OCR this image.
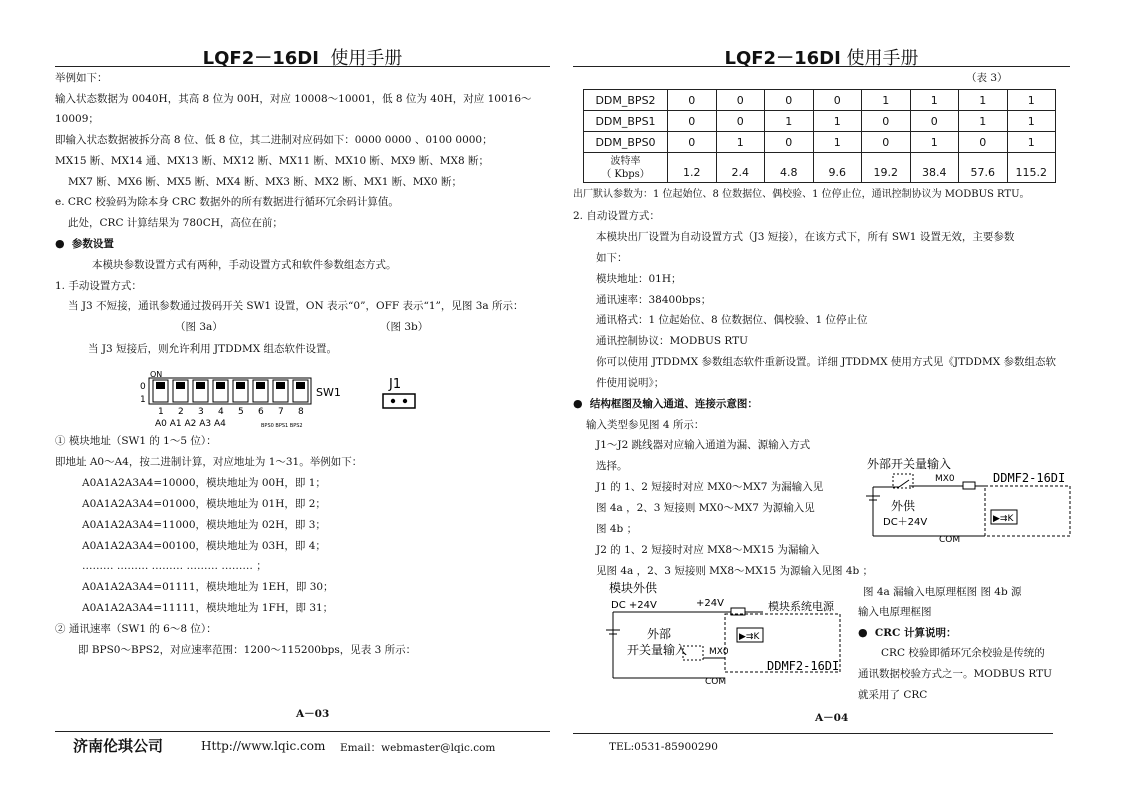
LQF2－16DI 使用手册
举例如下：
输入状态数据为 0040H，其高 8 位为 00H，对应 10008～10001，低 8 位为 40H，对应 10016～
10009；
即输入状态数据被拆分高 8 位、低 8 位，其二进制对应码如下：0000 0000 、0100 0000；
MX15 断、MX14 通、MX13 断、MX12 断、MX11 断、MX10 断、MX9 断、MX8 断；
MX7 断、MX6 断、MX5 断、MX4 断、MX3 断、MX2 断、MX1 断、MX0 断；
e. CRC 校验码为除本身 CRC 数据外的所有数据进行循环冗余码计算值。
此处，CRC 计算结果为 780CH，高位在前；
● 参数设置
本模块参数设置方式有两种，手动设置方式和软件参数组态方式。
1. 手动设置方式：
当 J3 不短接，通讯参数通过拨码开关 SW1 设置，ON 表示“0”，OFF 表示“1”，见图 3a 所示：
（图 3a）	（图 3b）
当 J3 短接后，则允许利用 JTDDMX 组态软件设置。
ON
0
1
SW1
1 2 3 4 5 6 7 8
A0 A1 A2 A3 A4	BPS0 BPS1 BPS2
J1
① 模块地址（SW1 的 1～5 位）：
即地址 A0～A4，按二进制计算，对应地址为 1～31。举例如下：
A0A1A2A3A4=10000，模块地址为 00H，即 1；
A0A1A2A3A4=01000，模块地址为 01H，即 2；
A0A1A2A3A4=11000，模块地址为 02H，即 3；
A0A1A2A3A4=00100，模块地址为 03H，即 4；
……… ……… ……… ……… ……… ；
A0A1A2A3A4=01111，模块地址为 1EH，即 30；
A0A1A2A3A4=11111，模块地址为 1FH，即 31；
② 通讯速率（SW1 的 6～8 位）：
即 BPS0～BPS2，对应速率范围：1200～115200bps，见表 3 所示：
A－03
济南伦琪公司	Http://www.lqic.com Email：webmaster@lqic.com
LQF2－16DI 使用手册
（表 3）
DDM_BPS2	0	0	0	0	1	1	1	1
DDM_BPS1	0	0	1	1	0	0	1	1
DDM_BPS0	0	1	0	1	0	1	0	1

波特率
（ Kbps）	1.2	2.4	4.8	9.6	19.2	38.4	57.6	115.2
出厂默认参数为：1 位起始位、8 位数据位、偶校验、1 位停止位，通讯控制协议为 MODBUS RTU。
2. 自动设置方式：
本模块出厂设置为自动设置方式（J3 短接），在该方式下，所有 SW1 设置无效，主要参数
如下：
模块地址：01H；
通讯速率：38400bps；
通讯格式：1 位起始位、8 位数据位、偶校验、1 位停止位
通讯控制协议：MODBUS RTU
你可以使用 JTDDMX 参数组态软件重新设置。详细 JTDDMX 使用方式见《JTDDMX 参数组态软
件使用说明》；
● 结构框图及输入通道、连接示意图：
输入类型参见图 4 所示：
J1～J2 跳线器对应输入通道为漏、源输入方式
选择。
J1 的 1、2 短接时对应 MX0～MX7 为漏输入见
图 4a ，2、3 短接则 MX0～MX7 为源输入见
图 4b ；
J2 的 1、2 短接时对应 MX8～MX15 为漏输入
见图 4a ，2、3 短接则 MX8～MX15 为源输入见图 4b ；
外部开关量输入
MX0	DDMF2-16DI
外供
DC＋24V
COM
▶⇉K
模块外供
DC +24V	+24V	模块系统电源
外部
开关量输入 MX0
DDMF2-16DI
COM
▶⇉K
图 4a 漏输入电原理框图 图 4b 源
输入电原理框图
● CRC 计算说明：
CRC 校验即循环冗余校验是传统的
通讯数据校验方式之一。MODBUS RTU
就采用了 CRC
A－04
TEL:0531-85900290
